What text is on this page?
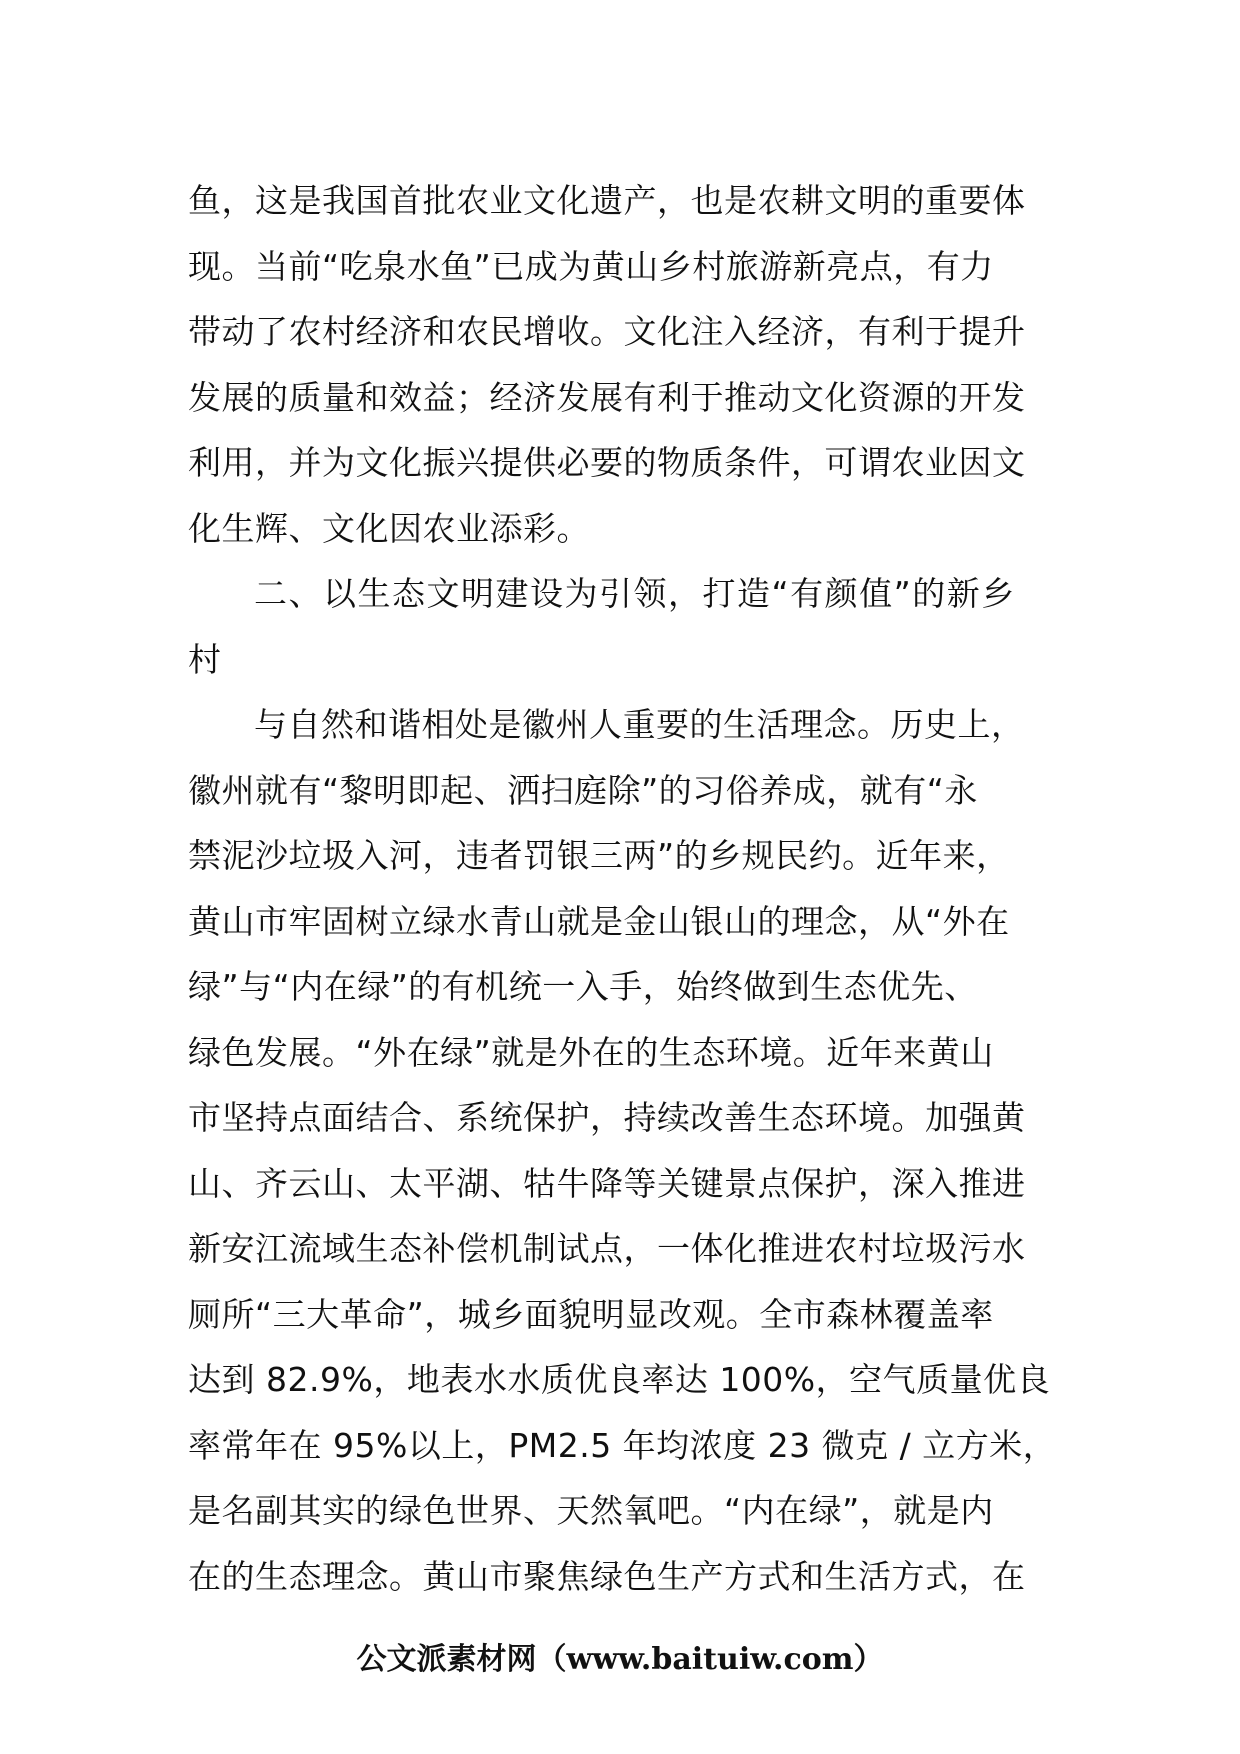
鱼，这是我国首批农业文化遗产，也是农耕文明的重要体
现。当前“吃泉水鱼”已成为黄山乡村旅游新亮点，有力
带动了农村经济和农民增收。文化注入经济，有利于提升
发展的质量和效益；经济发展有利于推动文化资源的开发
利用，并为文化振兴提供必要的物质条件，可谓农业因文
化生辉、文化因农业添彩。
二、以生态文明建设为引领，打造“有颜值”的新乡
村
与自然和谐相处是徽州人重要的生活理念。历史上，
徽州就有“黎明即起、洒扫庭除”的习俗养成，就有“永
禁泥沙垃圾入河，违者罚银三两”的乡规民约。近年来，
黄山市牢固树立绿水青山就是金山银山的理念，从“外在
绿”与“内在绿”的有机统一入手，始终做到生态优先、
绿色发展。“外在绿”就是外在的生态环境。近年来黄山
市坚持点面结合、系统保护，持续改善生态环境。加强黄
山、齐云山、太平湖、牯牛降等关键景点保护，深入推进
新安江流域生态补偿机制试点，一体化推进农村垃圾污水
厕所“三大革命”，城乡面貌明显改观。全市森林覆盖率
达到 82.9%，地表水水质优良率达 100%，空气质量优良
率常年在 95%以上，PM2.5 年均浓度 23 微克 / 立方米，
是名副其实的绿色世界、天然氧吧。“内在绿”，就是内
在的生态理念。黄山市聚焦绿色生产方式和生活方式，在
公文派素材网（www.baituiw.com）
